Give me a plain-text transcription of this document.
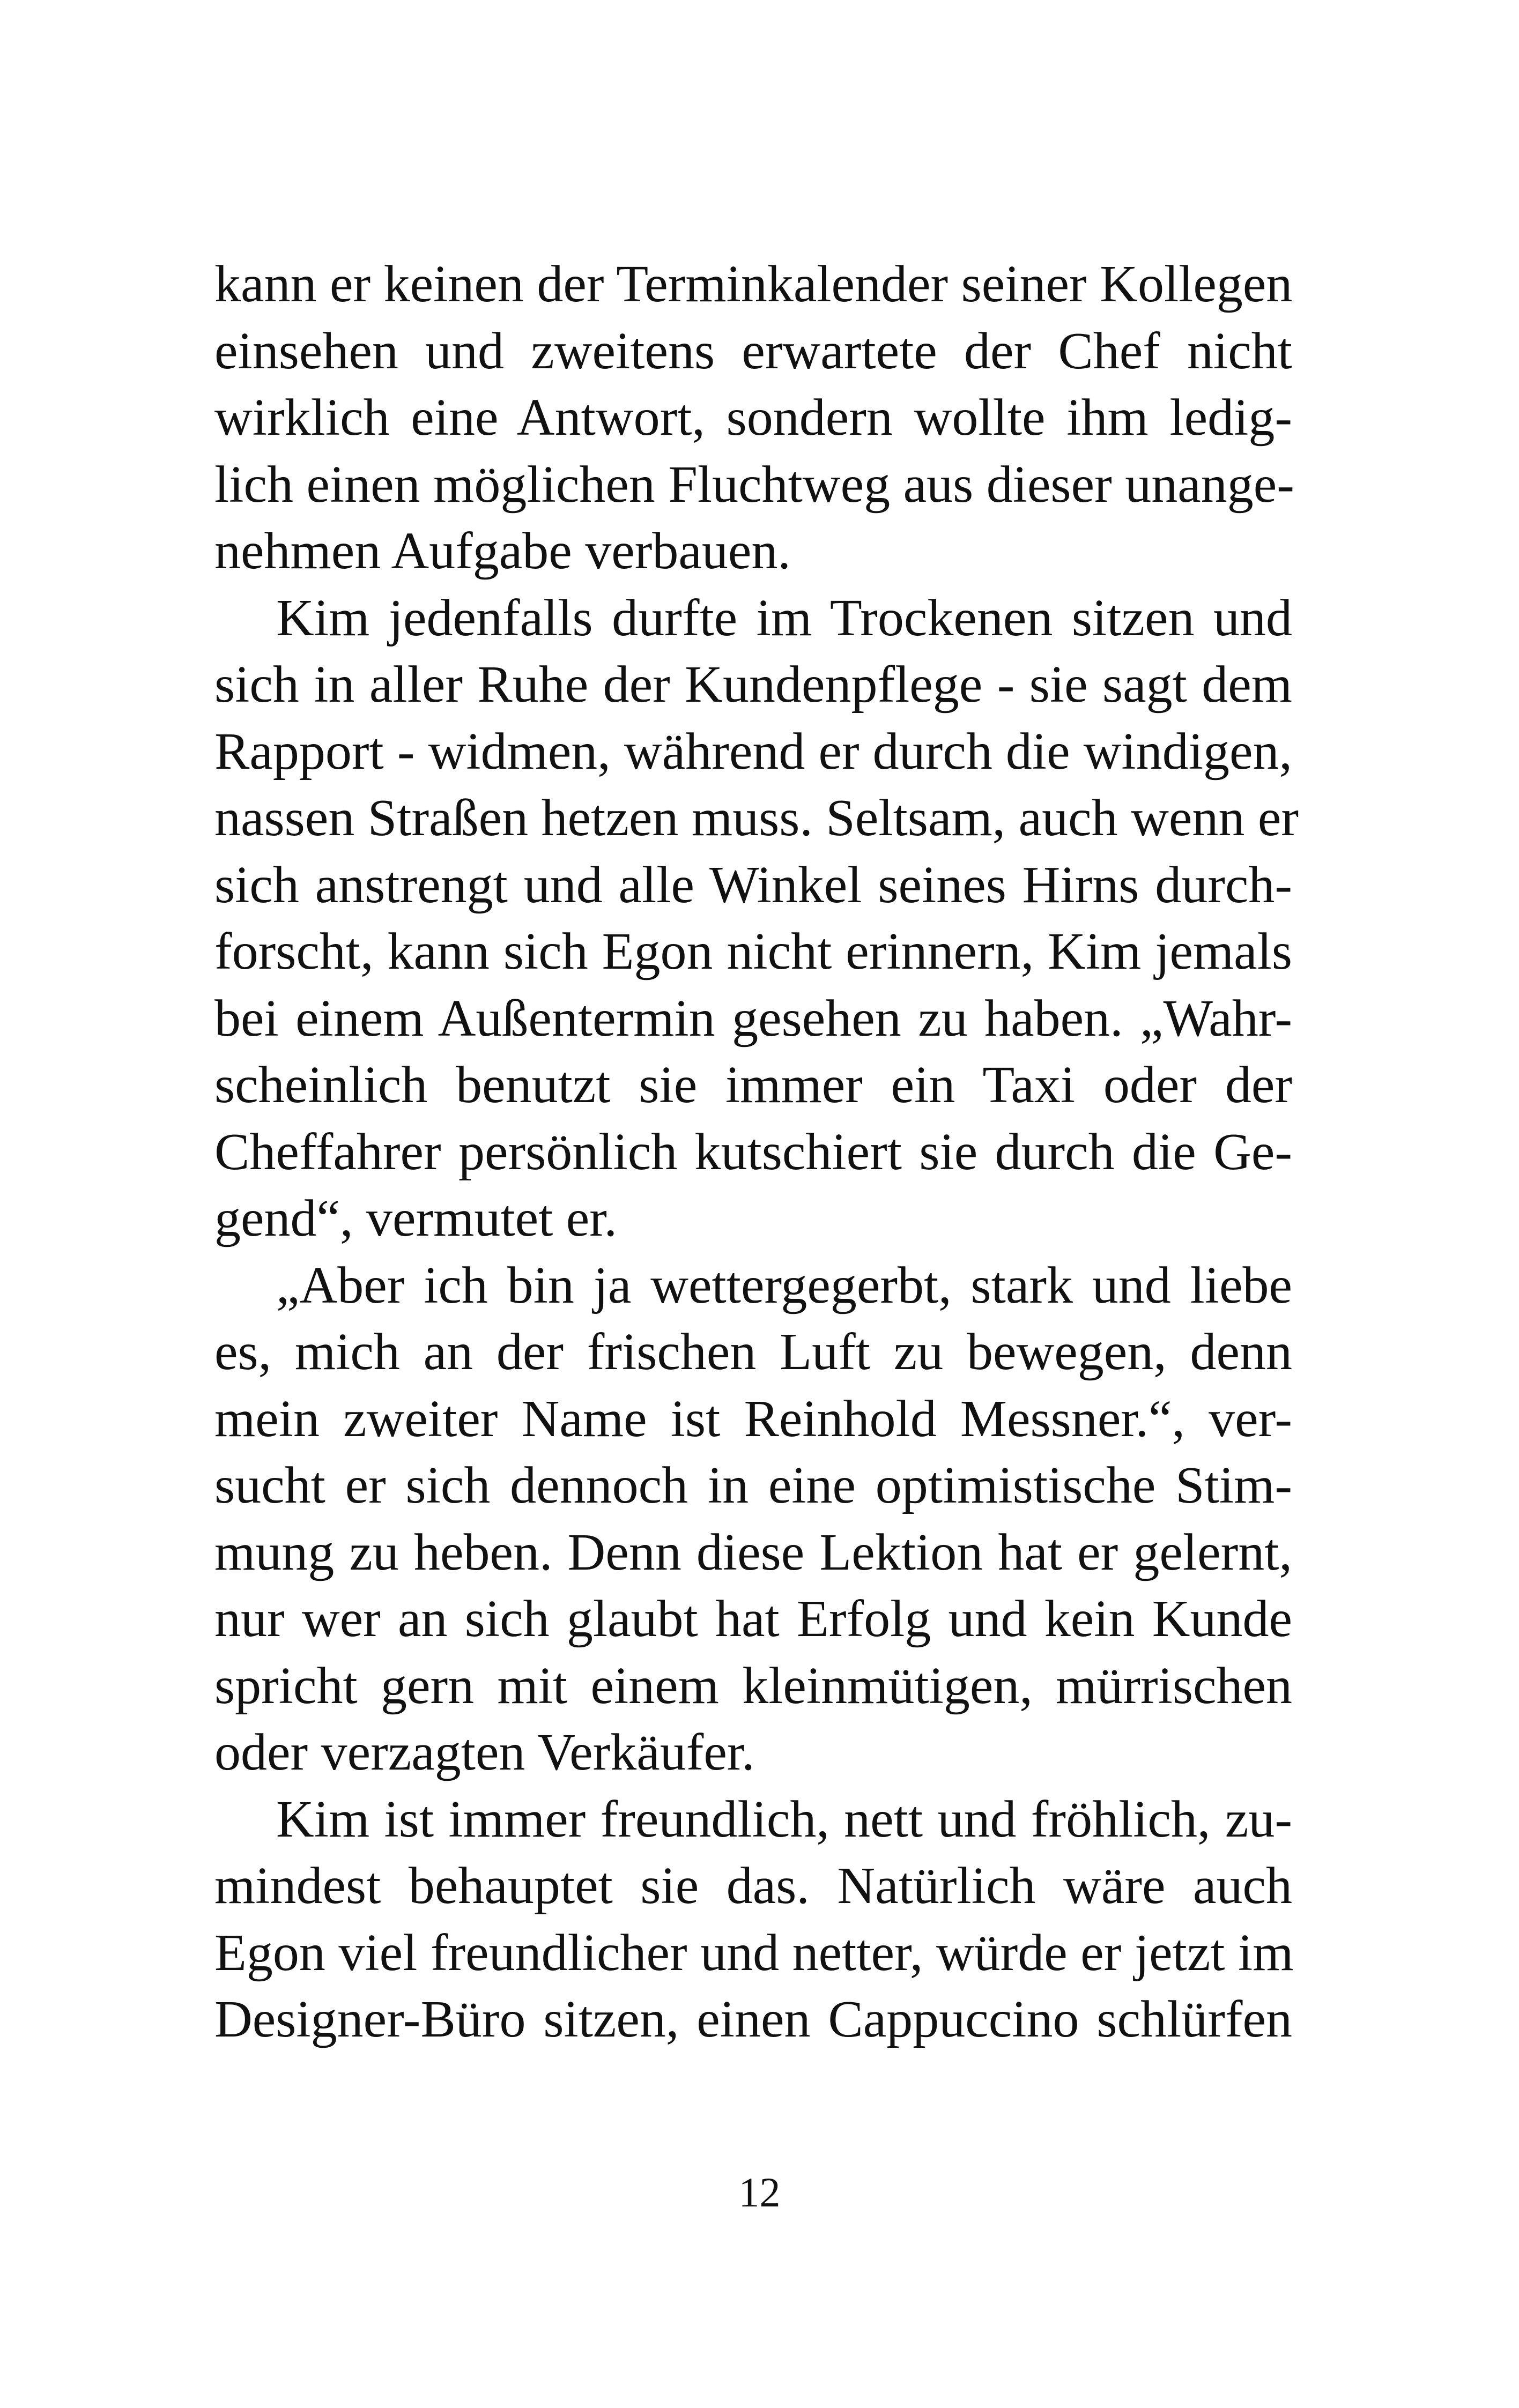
kann er keinen der Terminkalender seiner Kollegen
einsehen und zweitens erwartete der Chef nicht
wirklich eine Antwort, sondern wollte ihm ledig-
lich einen möglichen Fluchtweg aus dieser unange-
nehmen Aufgabe verbauen.
Kim jedenfalls durfte im Trockenen sitzen und
sich in aller Ruhe der Kundenpflege - sie sagt dem
Rapport - widmen, während er durch die windigen,
nassen Straßen hetzen muss. Seltsam, auch wenn er
sich anstrengt und alle Winkel seines Hirns durch-
forscht, kann sich Egon nicht erinnern, Kim jemals
bei einem Außentermin gesehen zu haben. „Wahr-
scheinlich benutzt sie immer ein Taxi oder der
Cheffahrer persönlich kutschiert sie durch die Ge-
gend“, vermutet er.
„Aber ich bin ja wettergegerbt, stark und liebe
es, mich an der frischen Luft zu bewegen, denn
mein zweiter Name ist Reinhold Messner.“, ver-
sucht er sich dennoch in eine optimistische Stim-
mung zu heben. Denn diese Lektion hat er gelernt,
nur wer an sich glaubt hat Erfolg und kein Kunde
spricht gern mit einem kleinmütigen, mürrischen
oder verzagten Verkäufer.
Kim ist immer freundlich, nett und fröhlich, zu-
mindest behauptet sie das. Natürlich wäre auch
Egon viel freundlicher und netter, würde er jetzt im
Designer-Büro sitzen, einen Cappuccino schlürfen
12
